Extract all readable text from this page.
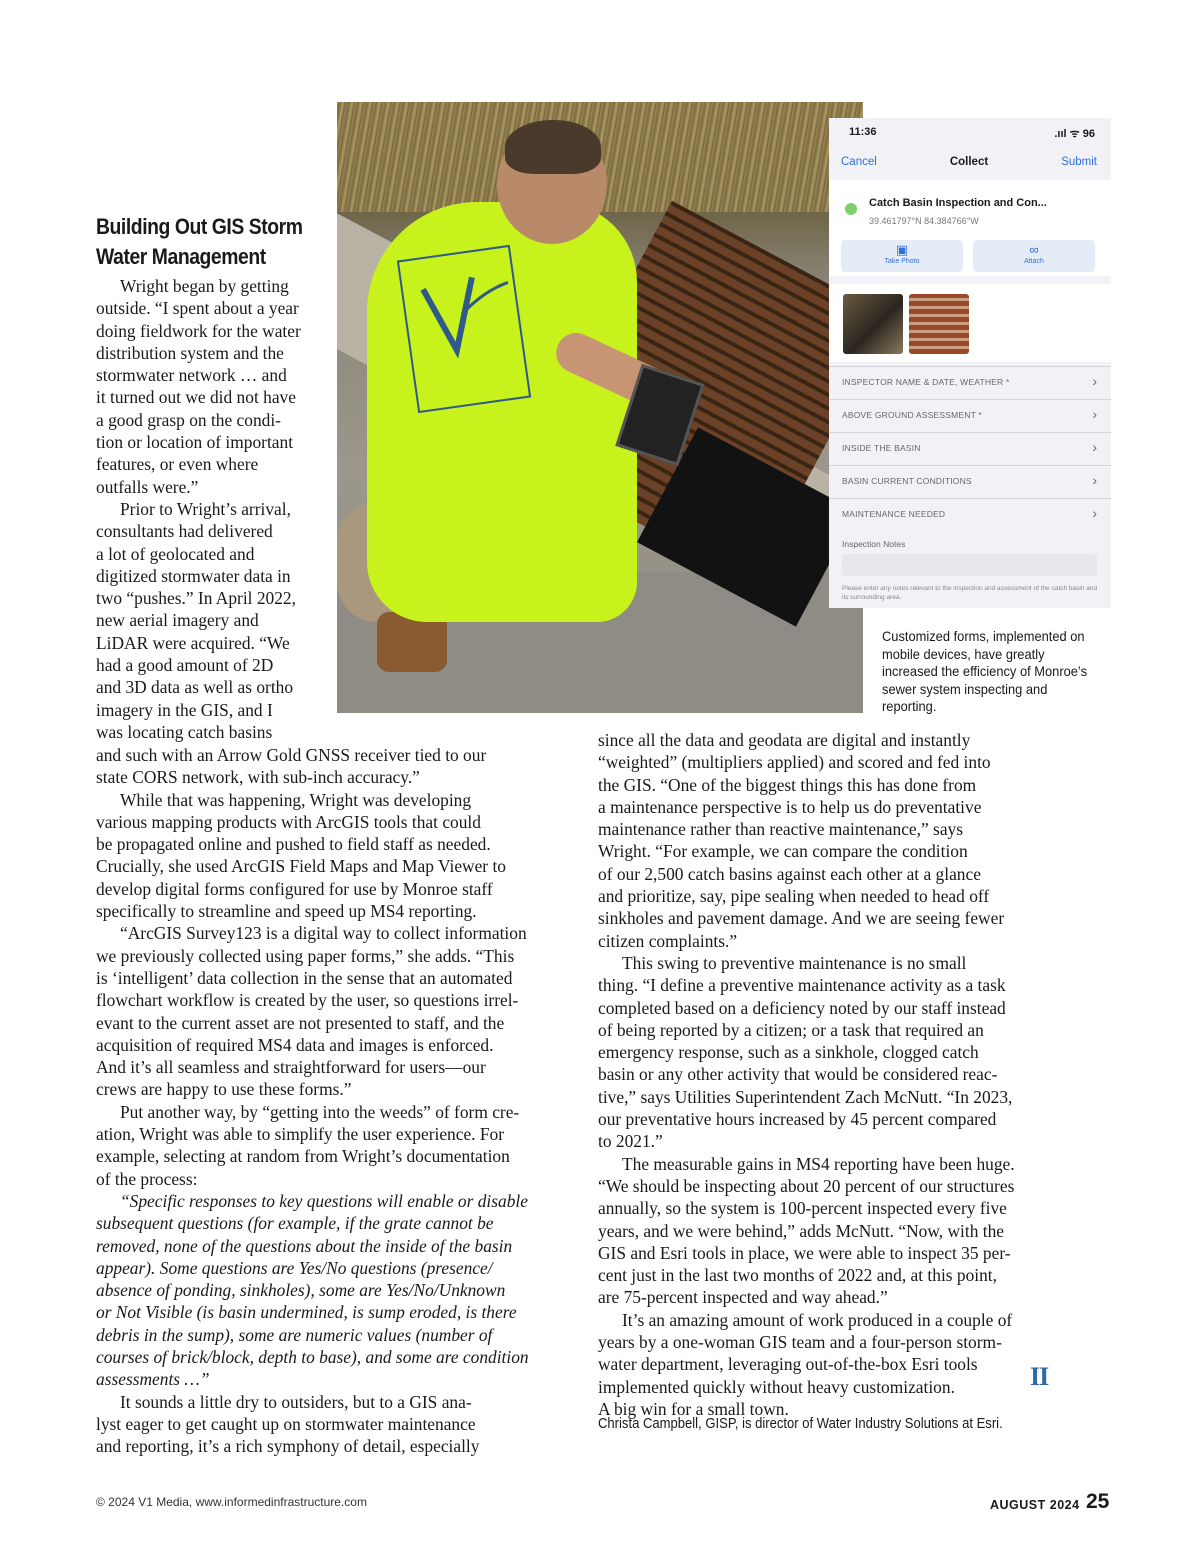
Building Out GIS Storm
Water Management

Wright began by getting

outside. “I spent about a year

doing fieldwork for the water

distribution system and the

stormwater network … and

it turned out we did not have

a good grasp on the condi-

tion or location of important

features, or even where

outfalls were.”

Prior to Wright’s arrival,

consultants had delivered

a lot of geolocated and

digitized stormwater data in

two “pushes.” In April 2022,

new aerial imagery and

LiDAR were acquired. “We

had a good amount of 2D

and 3D data as well as ortho

imagery in the GIS, and I

was locating catch basins

and such with an Arrow Gold GNSS receiver tied to our

state CORS network, with sub-inch accuracy.”

While that was happening, Wright was developing

various mapping products with ArcGIS tools that could

be propagated online and pushed to field staff as needed.

Crucially, she used ArcGIS Field Maps and Map Viewer to

develop digital forms configured for use by Monroe staff

specifically to streamline and speed up MS4 reporting.

“ArcGIS Survey123 is a digital way to collect information

we previously collected using paper forms,” she adds. “This

is ‘intelligent’ data collection in the sense that an automated

flowchart workflow is created by the user, so questions irrel-

evant to the current asset are not presented to staff, and the

acquisition of required MS4 data and images is enforced.

And it’s all seamless and straightforward for users—our

crews are happy to use these forms.”

Put another way, by “getting into the weeds” of form cre-

ation, Wright was able to simplify the user experience. For

example, selecting at random from Wright’s documentation

of the process:

“Specific responses to key questions will enable or disable

subsequent questions (for example, if the grate cannot be

removed, none of the questions about the inside of the basin

appear). Some questions are Yes/No questions (presence/

absence of ponding, sinkholes), some are Yes/No/Unknown

or Not Visible (is basin undermined, is sump eroded, is there

debris in the sump), some are numeric values (number of

courses of brick/block, depth to base), and some are condition

assessments …”

It sounds a little dry to outsiders, but to a GIS ana-

lyst eager to get caught up on stormwater maintenance

and reporting, it’s a rich symphony of detail, especially

since all the data and geodata are digital and instantly

“weighted” (multipliers applied) and scored and fed into

the GIS. “One of the biggest things this has done from

a maintenance perspective is to help us do preventative

maintenance rather than reactive maintenance,” says

Wright. “For example, we can compare the condition

of our 2,500 catch basins against each other at a glance

and prioritize, say, pipe sealing when needed to head off

sinkholes and pavement damage. And we are seeing fewer

citizen complaints.”

This swing to preventive maintenance is no small

thing. “I define a preventive maintenance activity as a task

completed based on a deficiency noted by our staff instead

of being reported by a citizen; or a task that required an

emergency response, such as a sinkhole, clogged catch

basin or any other activity that would be considered reac-

tive,” says Utilities Superintendent Zach McNutt. “In 2023,

our preventative hours increased by 45 percent compared

to 2021.”

The measurable gains in MS4 reporting have been huge.

“We should be inspecting about 20 percent of our structures

annually, so the system is 100-percent inspected every five

years, and we were behind,” adds McNutt. “Now, with the

GIS and Esri tools in place, we were able to inspect 35 per-

cent just in the last two months of 2022 and, at this point,

are 75-percent inspected and way ahead.”

It’s an amazing amount of work produced in a couple of

years by a one-woman GIS team and a four-person storm-

water department, leveraging out-of-the-box Esri tools

implemented quickly without heavy customization.

A big win for a small town.

II
Christa Campbell, GISP, is director of Water Industry Solutions at Esri.
11:36	.ııl ᯤ 96
Cancel	Collect	Submit
Catch Basin Inspection and Con...
39.461797°N 84.384766°W
▣
Take Photo
∞
Attach
INSPECTOR NAME & DATE, WEATHER *	›
ABOVE GROUND ASSESSMENT *	›
INSIDE THE BASIN	›
BASIN CURRENT CONDITIONS	›
MAINTENANCE NEEDED	›
Inspection Notes
Please enter any notes relevant to the inspection and assessment of the catch basin and its surrounding area.
Customized forms, implemented on mobile devices, have greatly increased the efficiency of Monroe’s sewer system inspecting and reporting.
© 2024 V1 Media, www.informedinfrastructure.com	AUGUST 2024 25
